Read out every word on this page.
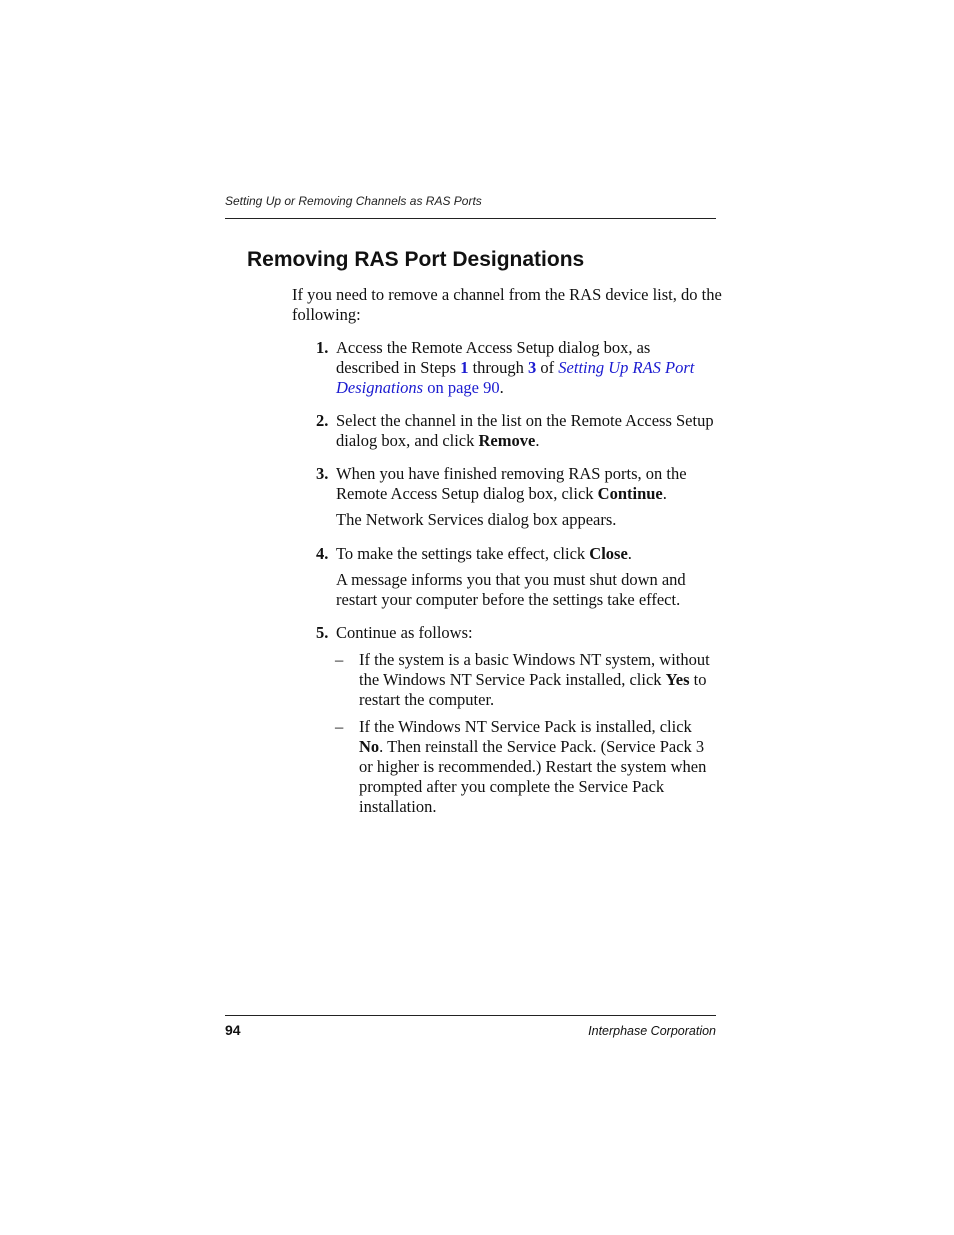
Setting Up or Removing Channels as RAS Ports
Removing RAS Port Designations
If you need to remove a channel from the RAS device list, do the following:
1. Access the Remote Access Setup dialog box, as described in Steps 1 through 3 of Setting Up RAS Port Designations on page 90.
2. Select the channel in the list on the Remote Access Setup dialog box, and click Remove.
3. When you have finished removing RAS ports, on the Remote Access Setup dialog box, click Continue.
The Network Services dialog box appears.
4. To make the settings take effect, click Close.
A message informs you that you must shut down and restart your computer before the settings take effect.
5. Continue as follows:
– If the system is a basic Windows NT system, without the Windows NT Service Pack installed, click Yes to restart the computer.
– If the Windows NT Service Pack is installed, click No. Then reinstall the Service Pack. (Service Pack 3 or higher is recommended.) Restart the system when prompted after you complete the Service Pack installation.
94	Interphase Corporation
